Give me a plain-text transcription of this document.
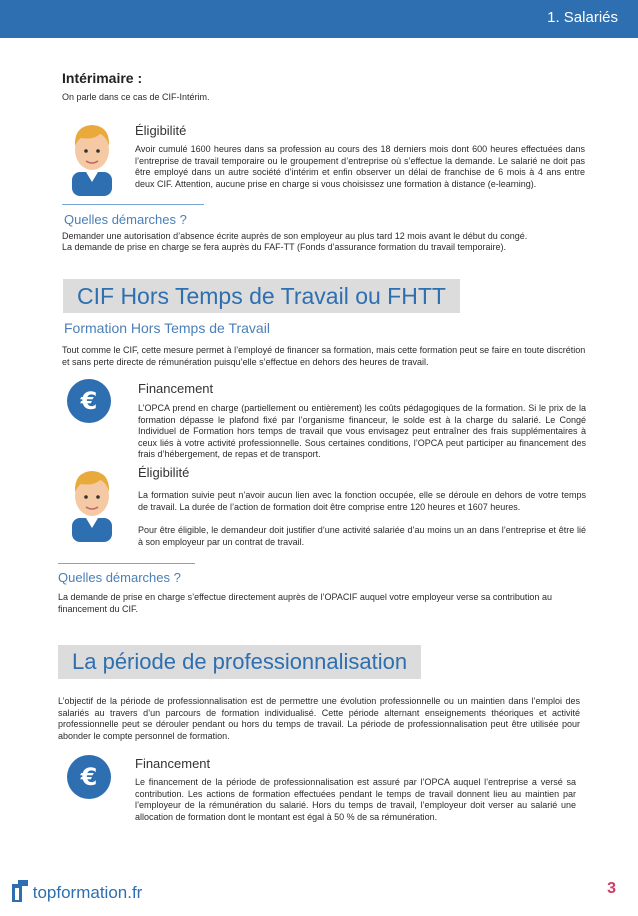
1. Salariés
Intérimaire :
On parle dans ce cas de CIF-Intérim.
Éligibilité
Avoir cumulé 1600 heures dans sa profession au cours des 18 derniers mois dont 600 heures effectuées dans l’entreprise de travail temporaire ou le groupement d’entreprise où s’effectue la demande. Le salarié ne doit pas être employé dans un autre société d’intérim et enfin observer un délai de franchise de 6 mois à 4 ans entre deux CIF. Attention, aucune prise en charge si vous choisissez une formation à distance (e-learning).
Quelles démarches ?
Demander une autorisation d’absence écrite auprès de son employeur au plus tard 12 mois avant le début du congé.
La demande de prise en charge se fera auprès du FAF-TT (Fonds d’assurance formation du travail temporaire).
CIF Hors Temps de Travail ou FHTT
Formation Hors Temps de Travail
Tout comme le CIF, cette mesure permet à l’employé de financer sa formation, mais cette formation peut se faire en toute discrétion et sans perte directe de rémunération puisqu’elle s’effectue en dehors des heures de travail.
€	Financement
L’OPCA prend en charge (partiellement ou entièrement) les coûts pédagogiques de la formation. Si le prix de la formation dépasse le plafond fixé par l’organisme financeur, le solde est à la charge du salarié. Le Congé Individuel de Formation hors temps de travail que vous envisagez peut entraîner des frais supplémentaires à ceux liés à votre activité professionnelle. Sous certaines conditions, l’OPCA peut participer au financement des frais d’hébergement, de repas et de transport.
Éligibilité
La formation suivie peut n’avoir aucun lien avec la fonction occupée, elle se déroule en dehors de votre temps de travail. La durée de l’action de formation doit être comprise entre 120 heures et 1607 heures.
Pour être éligible, le demandeur doit justifier d’une activité salariée d’au moins un an dans l’entreprise et être lié à son employeur par un contrat de travail.
Quelles démarches ?
La demande de prise en charge s’effectue directement auprès de l’OPACIF auquel votre employeur verse sa contribution au financement du CIF.
La période de professionnalisation
L’objectif de la période de professionnalisation est de permettre une évolution professionnelle ou un maintien dans l’emploi des salariés au travers d’un parcours de formation individualisé. Cette période alternant enseignements théoriques et activité professionnelle peut se dérouler pendant ou hors du temps de travail. La période de professionnalisation peut être utilisée pour abonder le compte personnel de formation.
€	Financement
Le financement de la période de professionnalisation est assuré par l’OPCA auquel l’entreprise a versé sa contribution. Les actions de formation effectuées pendant le temps de travail donnent lieu au maintien par l’employeur de la rémunération du salarié. Hors du temps de travail, l’employeur doit verser au salarié une allocation de formation dont le montant est égal à 50 % de sa rémunération.
topformation.fr	3
